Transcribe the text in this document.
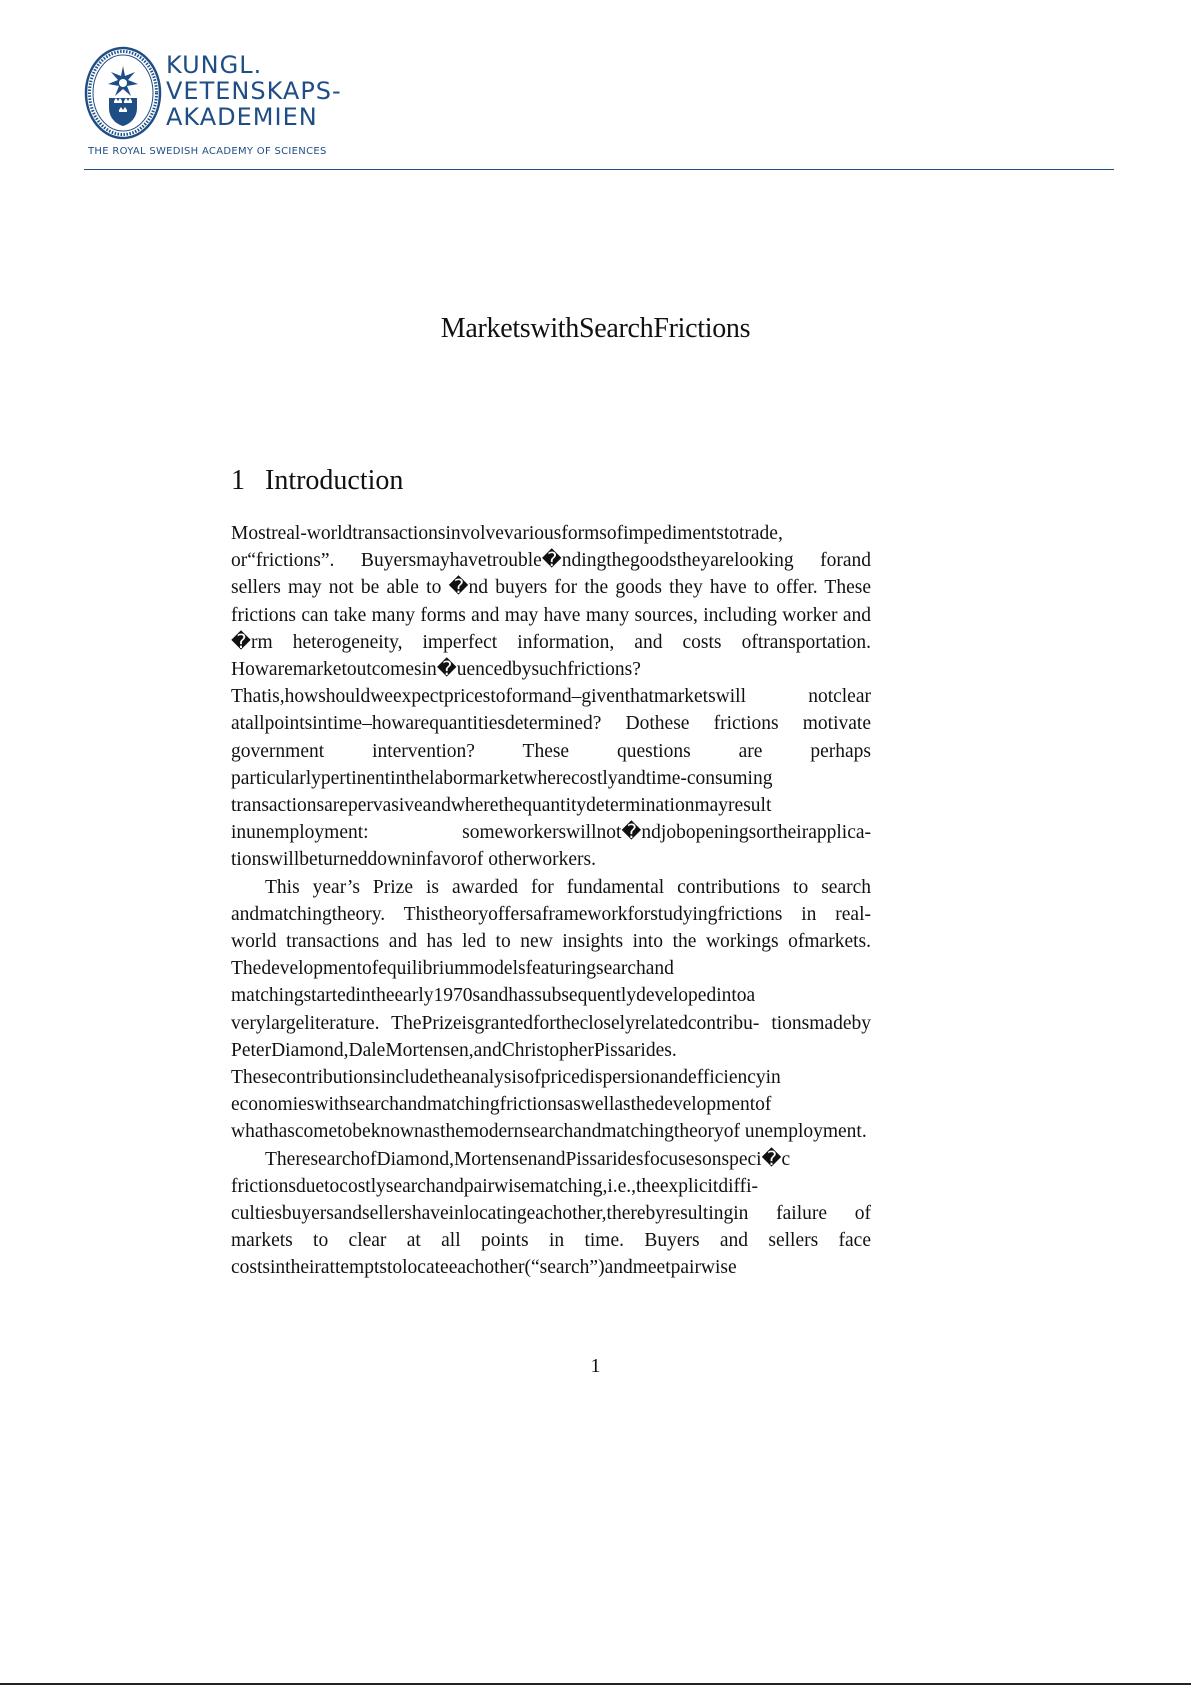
KUNGL.
VETENSKAPS-
AKADEMIEN
THE ROYAL SWEDISH ACADEMY OF SCIENCES
MarketswithSearchFrictions
1 Introduction

Mostreal-worldtransactionsinvolvevariousformsofimpedimentstotrade, or“frictions”. Buyersmayhavetrouble�ndingthegoodstheyarelooking forand sellers may not be able to �nd buyers for the goods they have to offer. These frictions can take many forms and may have many sources, including worker and �rm heterogeneity, imperfect information, and costs oftransportation. Howaremarketoutcomesin�uencedbysuchfrictions? Thatis,howshouldweexpectpricestoformand–giventhatmarketswill notclear atallpointsintime–howarequantitiesdetermined? Dothese frictions motivate government intervention? These questions are perhaps particularlypertinentinthelabormarketwherecostlyandtime-consuming transactionsarepervasiveandwherethequantitydeterminationmayresult inunemployment: someworkerswillnot�ndjobopeningsortheirapplica- tionswillbeturneddowninfavorof otherworkers.

This year’s Prize is awarded for fundamental contributions to search andmatchingtheory. Thistheoryoffersaframeworkforstudyingfrictions in real-world transactions and has led to new insights into the workings ofmarkets. Thedevelopmentofequilibriummodelsfeaturingsearchand matchingstartedintheearly1970sandhassubsequentlydevelopedintoa verylargeliterature. ThePrizeisgrantedforthecloselyrelatedcontribu- tionsmadeby PeterDiamond,DaleMortensen,andChristopherPissarides. Thesecontributionsincludetheanalysisofpricedispersionandefficiencyin economieswithsearchandmatchingfrictionsaswellasthedevelopmentof whathascometobeknownasthemodernsearchandmatchingtheoryof unemployment.

TheresearchofDiamond,MortensenandPissaridesfocusesonspeci�c frictionsduetocostlysearchandpairwisematching,i.e.,theexplicitdiffi- cultiesbuyersandsellershaveinlocatingeachother,therebyresultingin failure of markets to clear at all points in time. Buyers and sellers face costsintheirattemptstolocateeachother(“search”)andmeetpairwise

1
